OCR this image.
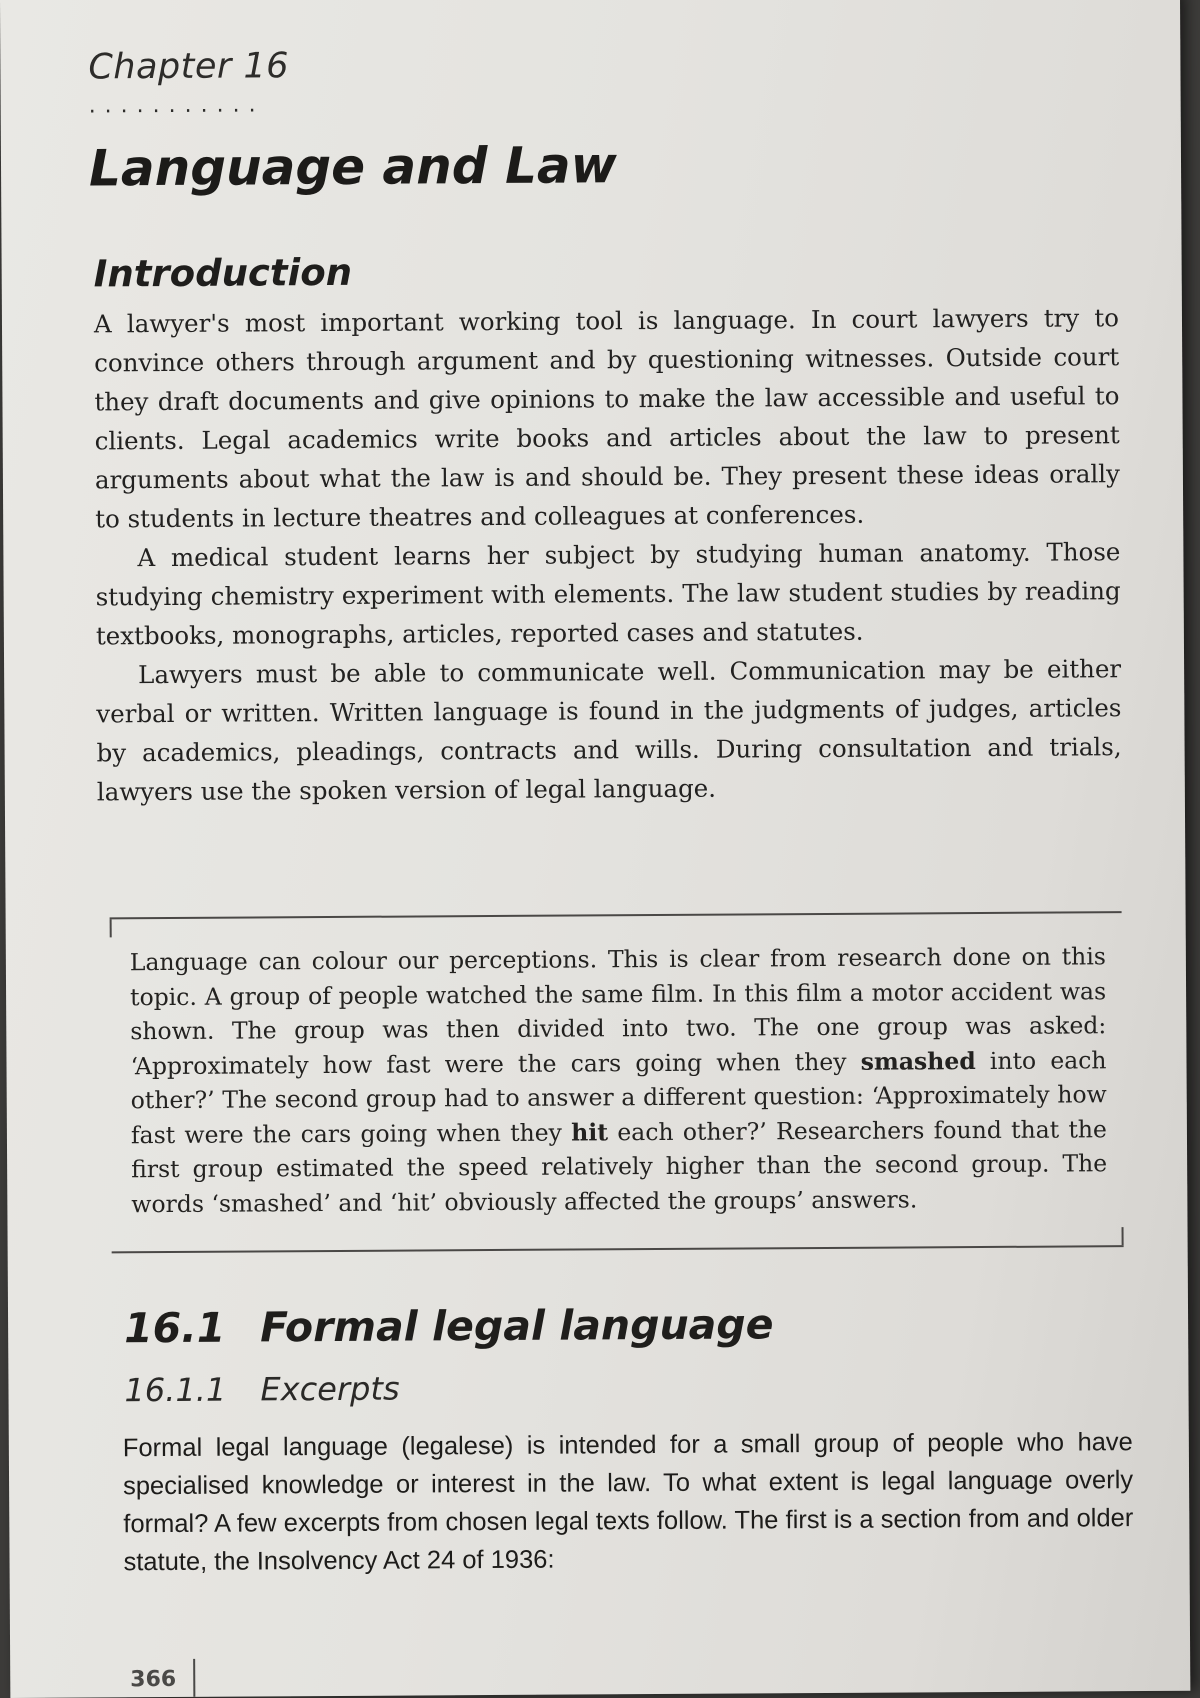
Chapter 16
...........
Language and Law
Introduction

A lawyer's most important working tool is language. In court lawyers try to convince others through argument and by questioning witnesses. Outside court they draft documents and give opinions to make the law accessible and useful to clients. Legal academics write books and articles about the law to present arguments about what the law is and should be. They present these ideas orally to students in lecture theatres and colleagues at conferences.

A medical student learns her subject by studying human anatomy. Those studying chemistry experiment with elements. The law student studies by reading textbooks, monographs, articles, reported cases and statutes.

Lawyers must be able to communicate well. Communication may be either verbal or written. Written language is found in the judgments of judges, articles by academics, pleadings, contracts and wills. During consultation and trials, lawyers use the spoken version of legal language.

Language can colour our perceptions. This is clear from research done on this topic. A group of people watched the same film. In this film a motor accident was shown. The group was then divided into two. The one group was asked: ‘Approximately how fast were the cars going when they smashed into each other?’ The second group had to answer a different question: ‘Approximately how fast were the cars going when they hit each other?’ Researchers found that the first group estimated the speed relatively higher than the second group. The words ‘smashed’ and ‘hit’ obviously affected the groups’ answers.

16.1 Formal legal language
16.1.1 Excerpts

Formal legal language (legalese) is intended for a small group of people who have specialised knowledge or interest in the law. To what extent is legal language overly formal? A few excerpts from chosen legal texts follow. The first is a section from and older statute, the Insolvency Act 24 of 1936:

366
